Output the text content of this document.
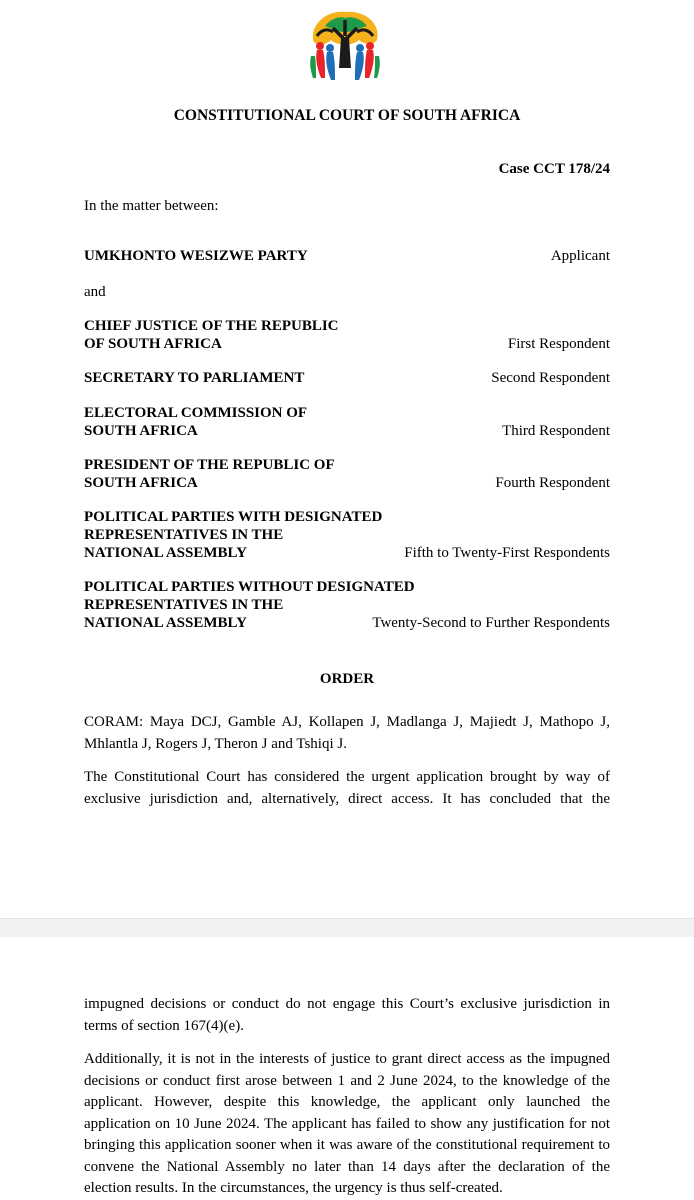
CONSTITUTIONAL COURT OF SOUTH AFRICA
Case CCT 178/24
In the matter between:
UMKHONTO WESIZWE PARTY	Applicant
and
CHIEF JUSTICE OF THE REPUBLIC
OF SOUTH AFRICA	First Respondent
SECRETARY TO PARLIAMENT	Second Respondent
ELECTORAL COMMISSION OF
SOUTH AFRICA	Third Respondent
PRESIDENT OF THE REPUBLIC OF
SOUTH AFRICA	Fourth Respondent
POLITICAL PARTIES WITH DESIGNATED
REPRESENTATIVES IN THE
NATIONAL ASSEMBLY	Fifth to Twenty-First Respondents
POLITICAL PARTIES WITHOUT DESIGNATED
REPRESENTATIVES IN THE
NATIONAL ASSEMBLY	Twenty-Second to Further Respondents
ORDER
CORAM: Maya DCJ, Gamble AJ, Kollapen J, Madlanga J, Majiedt J, Mathopo J,
Mhlantla J, Rogers J, Theron J and Tshiqi J.
The Constitutional Court has considered the urgent application brought by way of
exclusive jurisdiction and, alternatively, direct access. It has concluded that the
impugned decisions or conduct do not engage this Court’s exclusive jurisdiction in
terms of section 167(4)(e).
Additionally, it is not in the interests of justice to grant direct access as the impugned
decisions or conduct first arose between 1 and 2 June 2024, to the knowledge of the
applicant. However, despite this knowledge, the applicant only launched the
application on 10 June 2024. The applicant has failed to show any justification for not
bringing this application sooner when it was aware of the constitutional requirement to
convene the National Assembly no later than 14 days after the declaration of the
election results. In the circumstances, the urgency is thus self-created.
